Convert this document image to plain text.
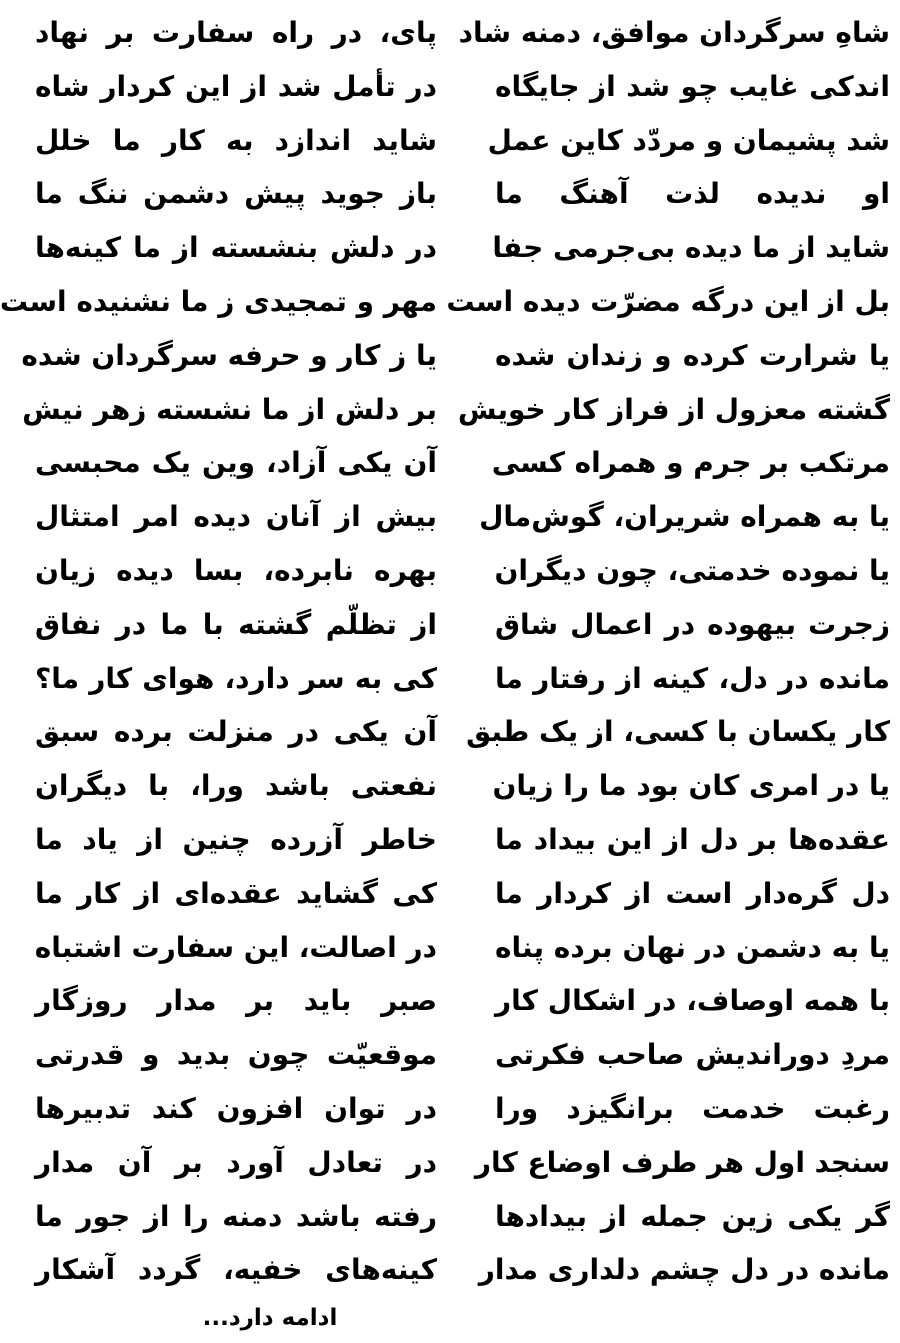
شاهِ سرگردان موافق، دمنه شاد
اندکی غایب چو شد از جایگاه
شد پشیمان و مردّد کاین عمل
او ندیده لذت آهنگ ما
شاید از ما دیده بی‌جرمی جفا
بل از این درگه مضرّت دیده است
یا شرارت کرده و زندان شده
گشته معزول از فراز کار خویش
مرتکب بر جرم و همراه کسی
یا به همراه شریران، گوش‌مال
یا نموده خدمتی، چون دیگران
زجرت بیهوده در اعمال شاق
مانده در دل، کینه از رفتار ما
کار یکسان با کسی، از یک طبق
یا در امری کان بود ما را زیان
عقده‌ها بر دل از این بیداد ما
دل گره‌دار است از کردار ما
یا به دشمن در نهان برده پناه
با همه اوصاف، در اشکال کار
مردِ دوراندیش صاحب فکرتی
رغبت خدمت برانگیزد ورا
سنجد اول هر طرف اوضاع کار
گر یکی زین جمله از بیدادها
مانده در دل چشم دلداری مدار
پای، در راه سفارت بر نهاد
در تأمل شد از این کردار شاه
شاید اندازد به کار ما خلل
باز جوید پیش دشمن ننگ ما
در دلش بنشسته از ما کینه‌ها
مهر و تمجیدی ز ما نشنیده است
یا ز کار و حرفه سرگردان شده
بر دلش از ما نشسته زهر نیش
آن یکی آزاد، وین یک محبسی
بیش از آنان دیده امر امتثال
بهره نابرده، بسا دیده زیان
از تظلّم گشته با ما در نفاق
کی به سر دارد، هوای کار ما؟
آن یکی در منزلت برده سبق
نفعتی باشد ورا، با دیگران
خاطر آزرده چنین از یاد ما
کی گشاید عقده‌ای از کار ما
در اصالت، این سفارت اشتباه
صبر باید بر مدار روزگار
موقعیّت چون بدید و قدرتی
در توان افزون کند تدبیرها
در تعادل آورد بر آن مدار
رفته باشد دمنه را از جور ما
کینه‌های خفیه، گردد آشکار
ادامه دارد...
